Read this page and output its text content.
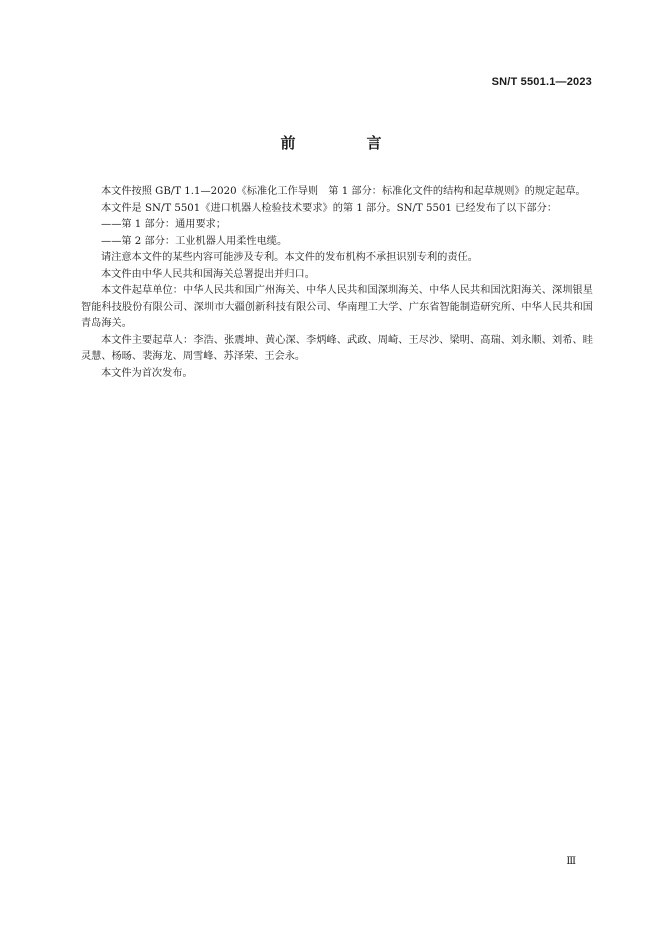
SN/T 5501.1—2023
前　言

本文件按照 GB/T 1.1—2020《标准化工作导则　第 1 部分：标准化文件的结构和起草规则》的规定起草。

本文件是 SN/T 5501《进口机器人检验技术要求》的第 1 部分。SN/T 5501 已经发布了以下部分：

——第 1 部分：通用要求；

——第 2 部分：工业机器人用柔性电缆。

请注意本文件的某些内容可能涉及专利。本文件的发布机构不承担识别专利的责任。

本文件由中华人民共和国海关总署提出并归口。

本文件起草单位：中华人民共和国广州海关、中华人民共和国深圳海关、中华人民共和国沈阳海关、深圳银星智能科技股份有限公司、深圳市大疆创新科技有限公司、华南理工大学、广东省智能制造研究所、中华人民共和国青岛海关。

本文件主要起草人：李浩、张震坤、黄心深、李炳峰、武政、周崎、王尽沙、梁明、高瑞、刘永顺、刘希、眭灵慧、杨旸、裴海龙、周雪峰、苏泽荣、王会永。

本文件为首次发布。

Ⅲ
